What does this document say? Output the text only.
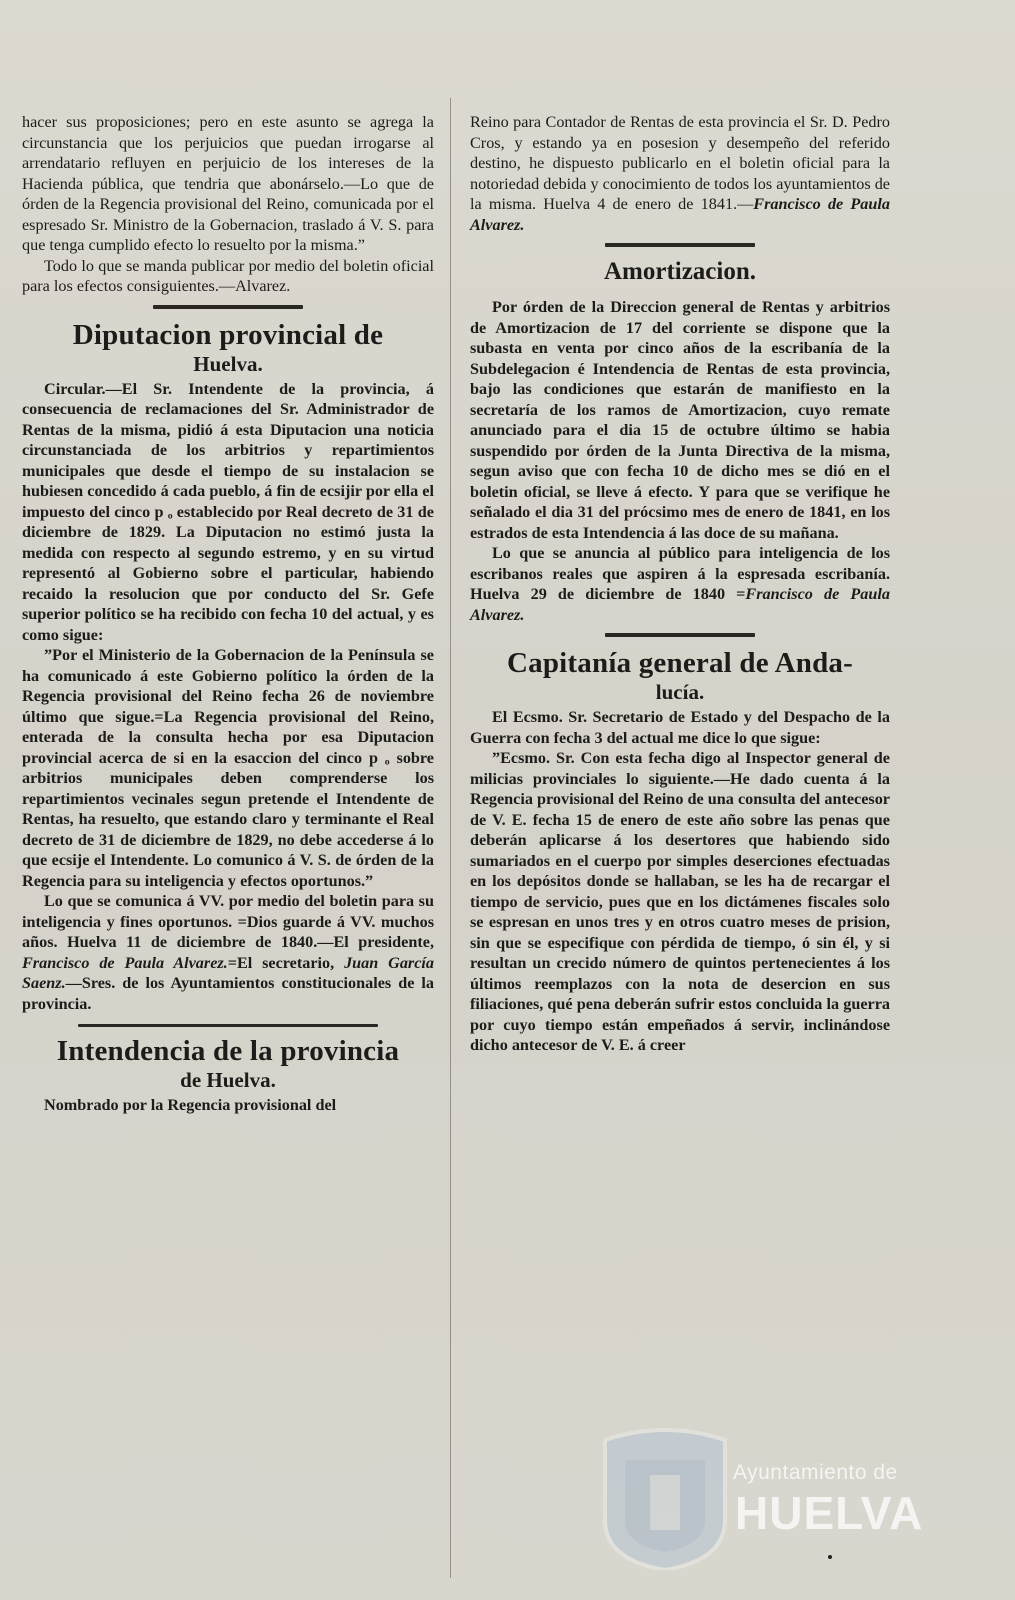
hacer sus proposiciones; pero en este asunto se agrega la circunstancia que los perjuicios que puedan irrogarse al arrendatario refluyen en perjuicio de los intereses de la Hacienda pública, que tendria que abonárselo.—Lo que de órden de la Regencia provisional del Reino, comunicada por el espresado Sr. Ministro de la Gobernacion, traslado á V. S. para que tenga cumplido efecto lo resuelto por la misma.”

Todo lo que se manda publicar por medio del boletin oficial para los efectos consiguientes.—Alvarez.

Diputacion provincial de
Huelva.

Circular.—El Sr. Intendente de la provincia, á consecuencia de reclamaciones del Sr. Administrador de Rentas de la misma, pidió á esta Diputacion una noticia circunstanciada de los arbitrios y repartimientos municipales que desde el tiempo de su instalacion se hubiesen concedido á cada pueblo, á fin de ecsijir por ella el impuesto del cinco p ₒ establecido por Real decreto de 31 de diciembre de 1829. La Diputacion no estimó justa la medida con respecto al segundo estremo, y en su virtud representó al Gobierno sobre el particular, habiendo recaido la resolucion que por conducto del Sr. Gefe superior político se ha recibido con fecha 10 del actual, y es como sigue:

”Por el Ministerio de la Gobernacion de la Península se ha comunicado á este Gobierno político la órden de la Regencia provisional del Reino fecha 26 de noviembre último que sigue.=La Regencia provisional del Reino, enterada de la consulta hecha por esa Diputacion provincial acerca de si en la esaccion del cinco p ₒ sobre arbitrios municipales deben comprenderse los repartimientos vecinales segun pretende el Intendente de Rentas, ha resuelto, que estando claro y terminante el Real decreto de 31 de diciembre de 1829, no debe accederse á lo que ecsije el Intendente. Lo comunico á V. S. de órden de la Regencia para su inteligencia y efectos oportunos.”

Lo que se comunica á VV. por medio del boletin para su inteligencia y fines oportunos. =Dios guarde á VV. muchos años. Huelva 11 de diciembre de 1840.—El presidente, Francisco de Paula Alvarez.=El secretario, Juan García Saenz.—Sres. de los Ayuntamientos constitucionales de la provincia.

Intendencia de la provincia
de Huelva.

Nombrado por la Regencia provisional del

Reino para Contador de Rentas de esta provincia el Sr. D. Pedro Cros, y estando ya en posesion y desempeño del referido destino, he dispuesto publicarlo en el boletin oficial para la notoriedad debida y conocimiento de todos los ayuntamientos de la misma. Huelva 4 de enero de 1841.—Francisco de Paula Alvarez.

Amortizacion.

Por órden de la Direccion general de Rentas y arbitrios de Amortizacion de 17 del corriente se dispone que la subasta en venta por cinco años de la escribanía de la Subdelegacion é Intendencia de Rentas de esta provincia, bajo las condiciones que estarán de manifiesto en la secretaría de los ramos de Amortizacion, cuyo remate anunciado para el dia 15 de octubre último se habia suspendido por órden de la Junta Directiva de la misma, segun aviso que con fecha 10 de dicho mes se dió en el boletin oficial, se lleve á efecto. Y para que se verifique he señalado el dia 31 del prócsimo mes de enero de 1841, en los estrados de esta Intendencia á las doce de su mañana.

Lo que se anuncia al público para inteligencia de los escribanos reales que aspiren á la espresada escribanía. Huelva 29 de diciembre de 1840 =Francisco de Paula Alvarez.

Capitanía general de Anda-
lucía.

El Ecsmo. Sr. Secretario de Estado y del Despacho de la Guerra con fecha 3 del actual me dice lo que sigue:

”Ecsmo. Sr. Con esta fecha digo al Inspector general de milicias provinciales lo siguiente.—He dado cuenta á la Regencia provisional del Reino de una consulta del antecesor de V. E. fecha 15 de enero de este año sobre las penas que deberán aplicarse á los desertores que habiendo sido sumariados en el cuerpo por simples deserciones efectuadas en los depósitos donde se hallaban, se les ha de recargar el tiempo de servicio, pues que en los dictámenes fiscales solo se espresan en unos tres y en otros cuatro meses de prision, sin que se especifique con pérdida de tiempo, ó sin él, y si resultan un crecido número de quintos pertenecientes á los últimos reemplazos con la nota de desercion en sus filiaciones, qué pena deberán sufrir estos concluida la guerra por cuyo tiempo están empeñados á servir, inclinándose dicho antecesor de V. E. á creer

Ayuntamiento de
HUELVA
